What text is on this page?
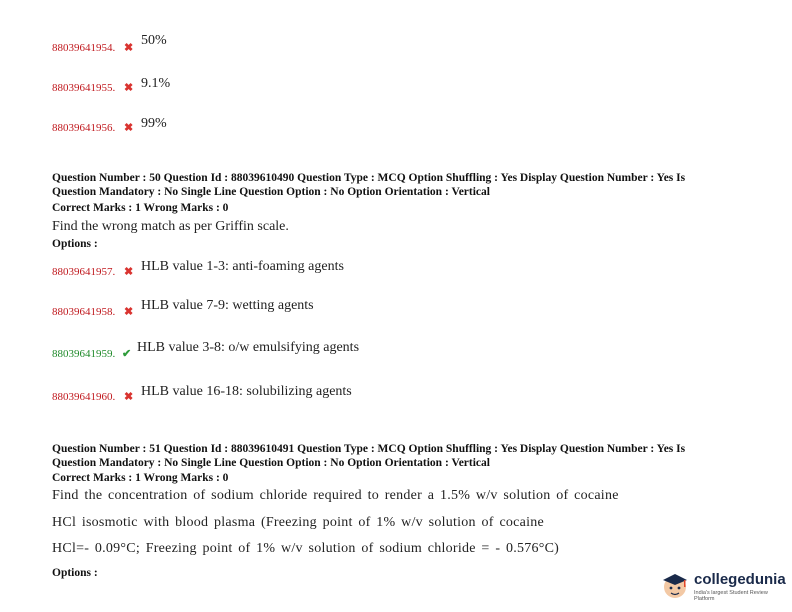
88039641954. ✖ 50%
88039641955. ✖ 9.1%
88039641956. ✖ 99%
Question Number : 50 Question Id : 88039610490 Question Type : MCQ Option Shuffling : Yes Display Question Number : Yes Is
Question Mandatory : No Single Line Question Option : No Option Orientation : Vertical
Correct Marks : 1 Wrong Marks : 0
Find the wrong match as per Griffin scale.
Options :
88039641957. ✖ HLB value 1-3: anti-foaming agents
88039641958. ✖ HLB value 7-9: wetting agents
88039641959. ✔ HLB value 3-8: o/w emulsifying agents
88039641960. ✖ HLB value 16-18: solubilizing agents
Question Number : 51 Question Id : 88039610491 Question Type : MCQ Option Shuffling : Yes Display Question Number : Yes Is
Question Mandatory : No Single Line Question Option : No Option Orientation : Vertical
Correct Marks : 1 Wrong Marks : 0
Find the concentration of sodium chloride required to render a 1.5% w/v solution of cocaine
HCl isosmotic with blood plasma (Freezing point of 1% w/v solution of cocaine
HCl=- 0.09°C; Freezing point of 1% w/v solution of sodium chloride = - 0.576°C)
Options :	collegedunia
India's largest Student Review Platform
